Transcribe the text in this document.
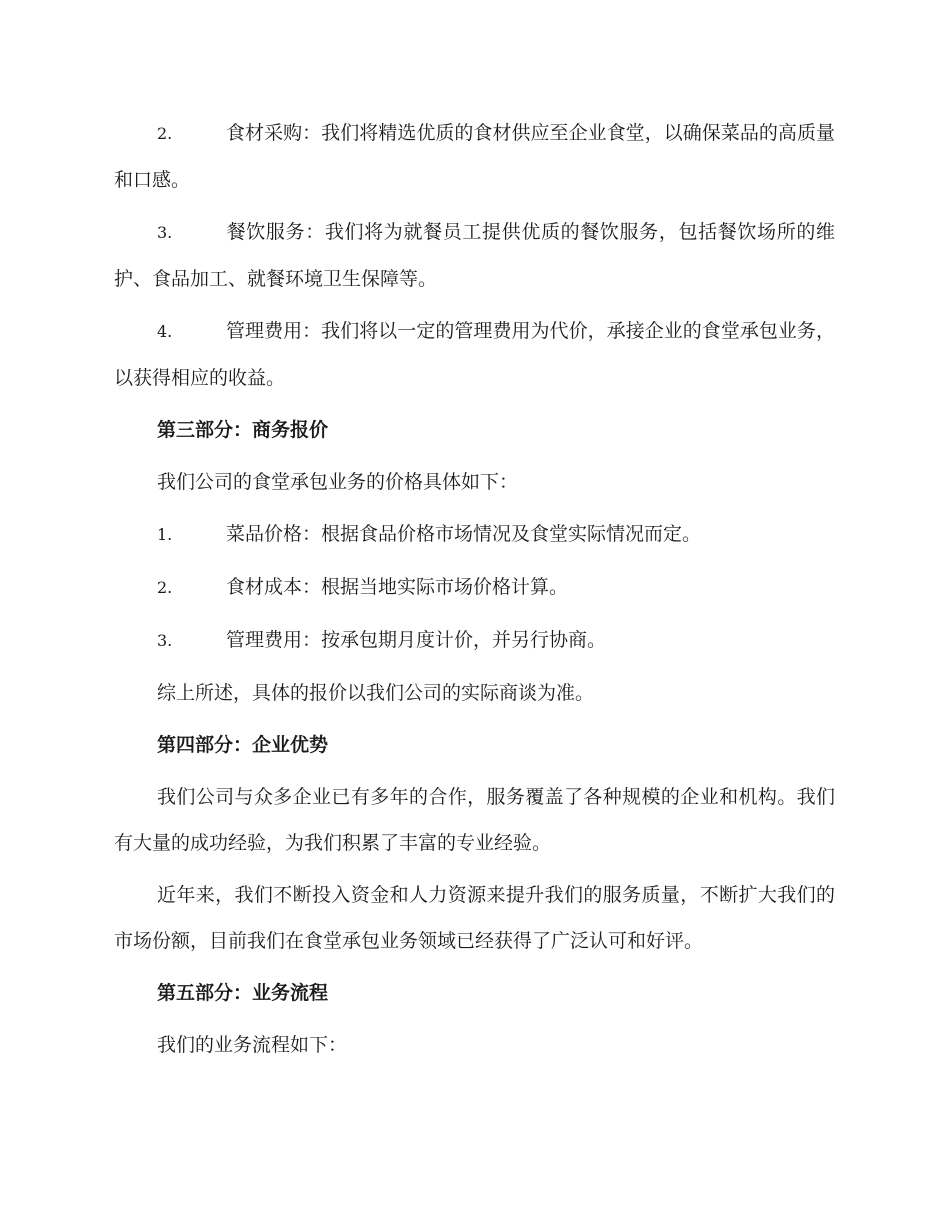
2.	食材采购：我们将精选优质的食材供应至企业食堂，以确保菜品的高质量和口感。

3.	餐饮服务：我们将为就餐员工提供优质的餐饮服务，包括餐饮场所的维护、食品加工、就餐环境卫生保障等。

4.	管理费用：我们将以一定的管理费用为代价，承接企业的食堂承包业务，以获得相应的收益。

第三部分：商务报价

我们公司的食堂承包业务的价格具体如下：

1.	菜品价格：根据食品价格市场情况及食堂实际情况而定。

2.	食材成本：根据当地实际市场价格计算。

3.	管理费用：按承包期月度计价，并另行协商。

综上所述，具体的报价以我们公司的实际商谈为准。

第四部分：企业优势

我们公司与众多企业已有多年的合作，服务覆盖了各种规模的企业和机构。我们有大量的成功经验，为我们积累了丰富的专业经验。

近年来，我们不断投入资金和人力资源来提升我们的服务质量，不断扩大我们的市场份额，目前我们在食堂承包业务领域已经获得了广泛认可和好评。

第五部分：业务流程

我们的业务流程如下：
